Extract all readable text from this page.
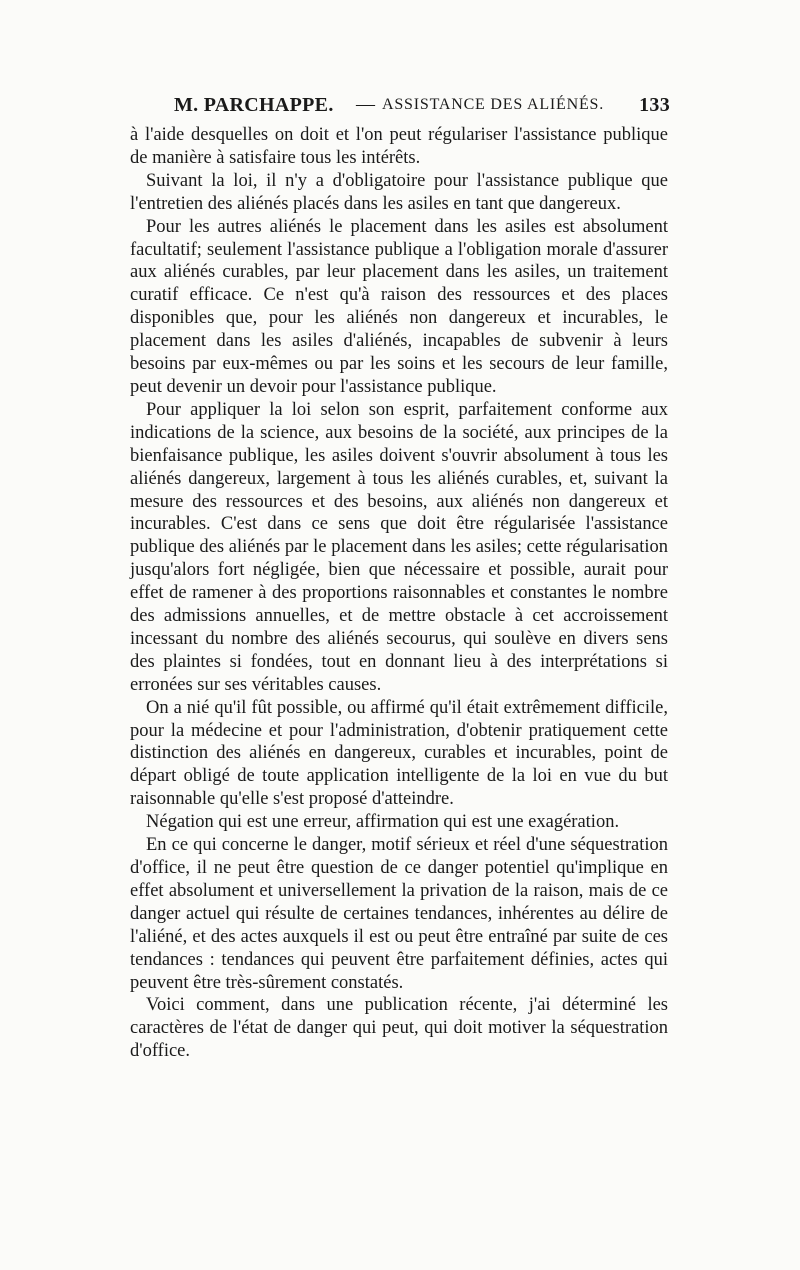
M. PARCHAPPE. — ASSISTANCE DES ALIÉNÉS. 133

à l'aide desquelles on doit et l'on peut régulariser l'assistance publique de manière à satisfaire tous les intérêts.

Suivant la loi, il n'y a d'obligatoire pour l'assistance publique que l'entretien des aliénés placés dans les asiles en tant que dangereux.

Pour les autres aliénés le placement dans les asiles est absolument facultatif; seulement l'assistance publique a l'obligation morale d'assurer aux aliénés curables, par leur placement dans les asiles, un traitement curatif efficace. Ce n'est qu'à raison des ressources et des places disponibles que, pour les aliénés non dangereux et incurables, le placement dans les asiles d'aliénés, incapables de subvenir à leurs besoins par eux-mêmes ou par les soins et les secours de leur famille, peut devenir un devoir pour l'assistance publique.

Pour appliquer la loi selon son esprit, parfaitement conforme aux indications de la science, aux besoins de la société, aux principes de la bienfaisance publique, les asiles doivent s'ouvrir absolument à tous les aliénés dangereux, largement à tous les aliénés curables, et, suivant la mesure des ressources et des besoins, aux aliénés non dangereux et incurables. C'est dans ce sens que doit être régularisée l'assistance publique des aliénés par le placement dans les asiles; cette régularisation jusqu'alors fort négligée, bien que nécessaire et possible, aurait pour effet de ramener à des proportions raisonnables et constantes le nombre des admissions annuelles, et de mettre obstacle à cet accroissement incessant du nombre des aliénés secourus, qui soulève en divers sens des plaintes si fondées, tout en donnant lieu à des interprétations si erronées sur ses véritables causes.

On a nié qu'il fût possible, ou affirmé qu'il était extrêmement difficile, pour la médecine et pour l'administration, d'obtenir pratiquement cette distinction des aliénés en dangereux, curables et incurables, point de départ obligé de toute application intelligente de la loi en vue du but raisonnable qu'elle s'est proposé d'atteindre.

Négation qui est une erreur, affirmation qui est une exagération.

En ce qui concerne le danger, motif sérieux et réel d'une séquestration d'office, il ne peut être question de ce danger potentiel qu'implique en effet absolument et universellement la privation de la raison, mais de ce danger actuel qui résulte de certaines tendances, inhérentes au délire de l'aliéné, et des actes auxquels il est ou peut être entraîné par suite de ces tendances : tendances qui peuvent être parfaitement définies, actes qui peuvent être très-sûrement constatés.

Voici comment, dans une publication récente, j'ai déterminé les caractères de l'état de danger qui peut, qui doit motiver la séquestration d'office.
